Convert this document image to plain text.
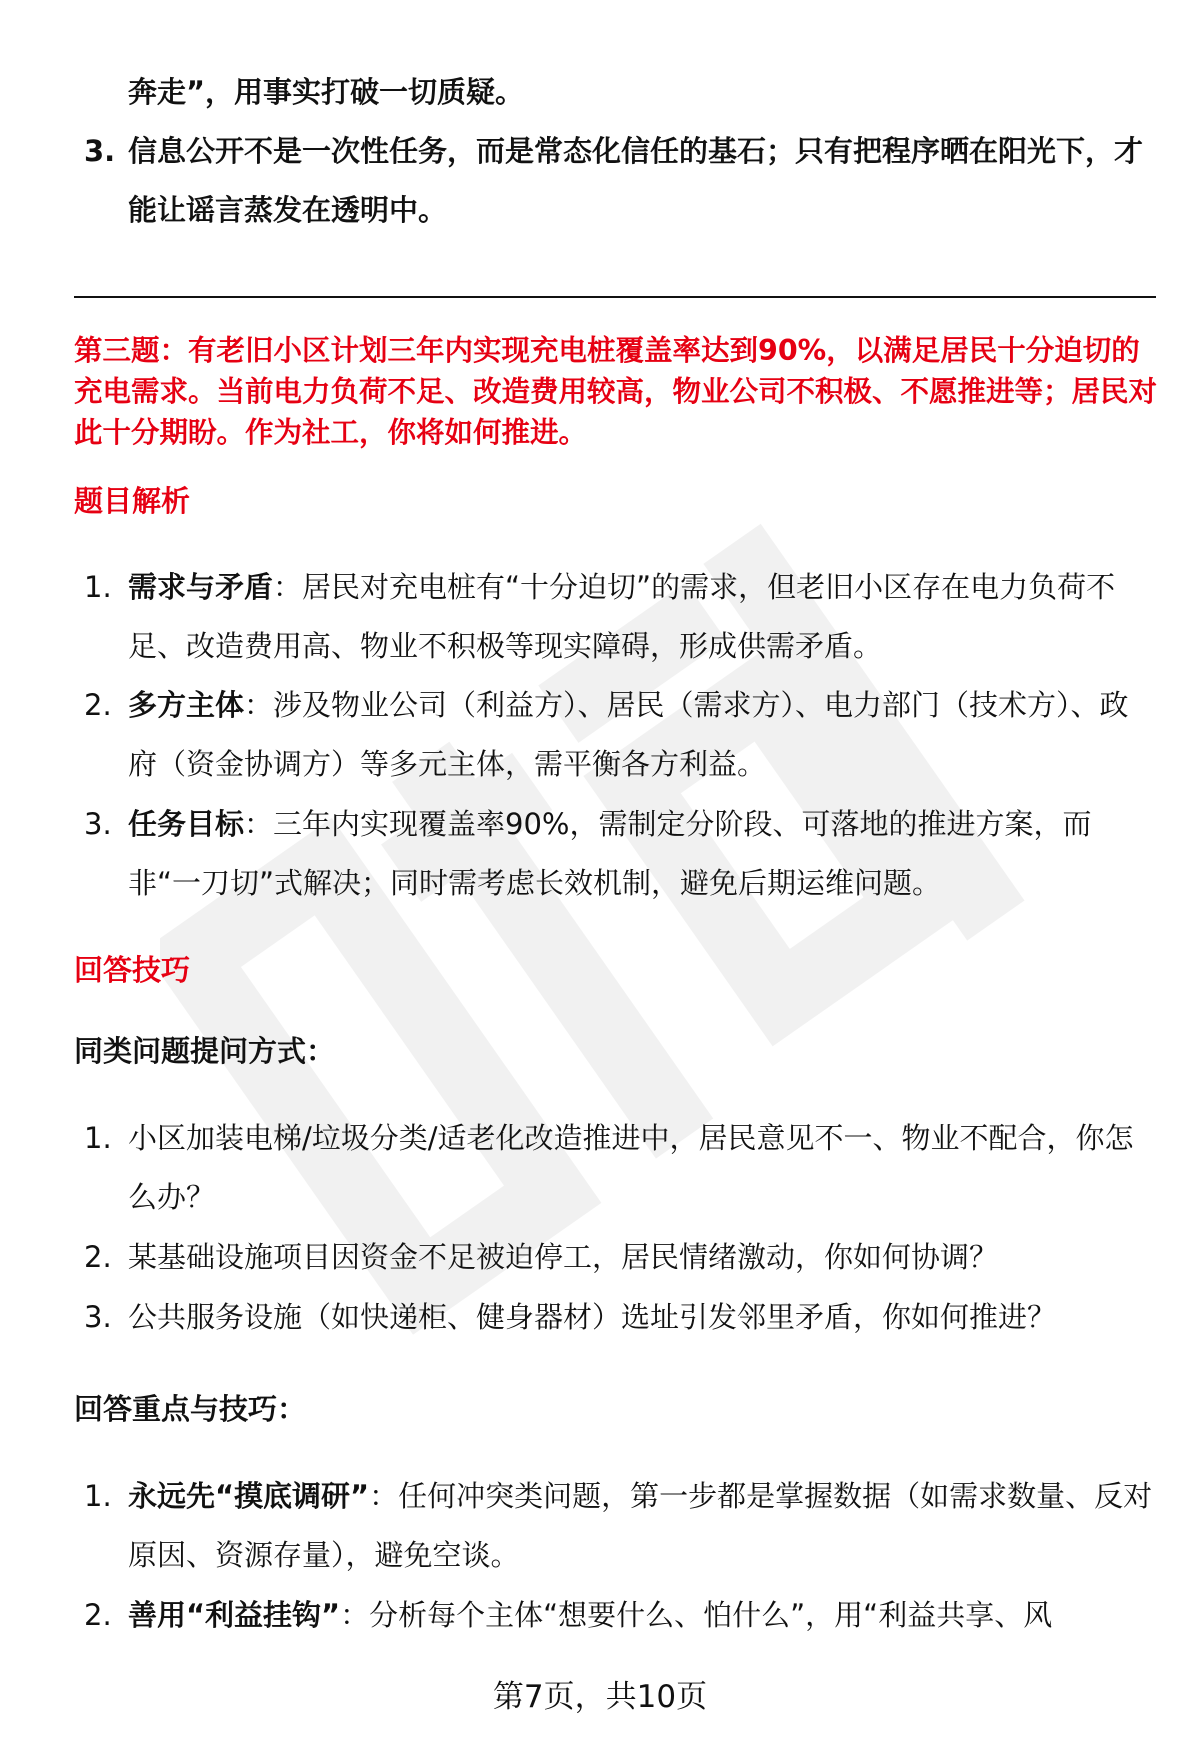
奔走”，用事实打破一切质疑。
3. 信息公开不是一次性任务，而是常态化信任的基石；只有把程序晒在阳光下，才能让谣言蒸发在透明中。
第三题：有老旧小区计划三年内实现充电桩覆盖率达到90%，以满足居民十分迫切的充电需求。当前电力负荷不足、改造费用较高，物业公司不积极、不愿推进等；居民对此十分期盼。作为社工，你将如何推进。
题目解析
1. 需求与矛盾：居民对充电桩有“十分迫切”的需求，但老旧小区存在电力负荷不足、改造费用高、物业不积极等现实障碍，形成供需矛盾。
2. 多方主体：涉及物业公司（利益方）、居民（需求方）、电力部门（技术方）、政府（资金协调方）等多元主体，需平衡各方利益。
3. 任务目标：三年内实现覆盖率90%，需制定分阶段、可落地的推进方案，而非“一刀切”式解决；同时需考虑长效机制，避免后期运维问题。
回答技巧
同类问题提问方式：
1. 小区加装电梯/垃圾分类/适老化改造推进中，居民意见不一、物业不配合，你怎么办？
2. 某基础设施项目因资金不足被迫停工，居民情绪激动，你如何协调？
3. 公共服务设施（如快递柜、健身器材）选址引发邻里矛盾，你如何推进？
回答重点与技巧：
1. 永远先“摸底调研”：任何冲突类问题，第一步都是掌握数据（如需求数量、反对原因、资源存量），避免空谈。
2. 善用“利益挂钩”：分析每个主体“想要什么、怕什么”，用“利益共享、风
第7页，共10页
